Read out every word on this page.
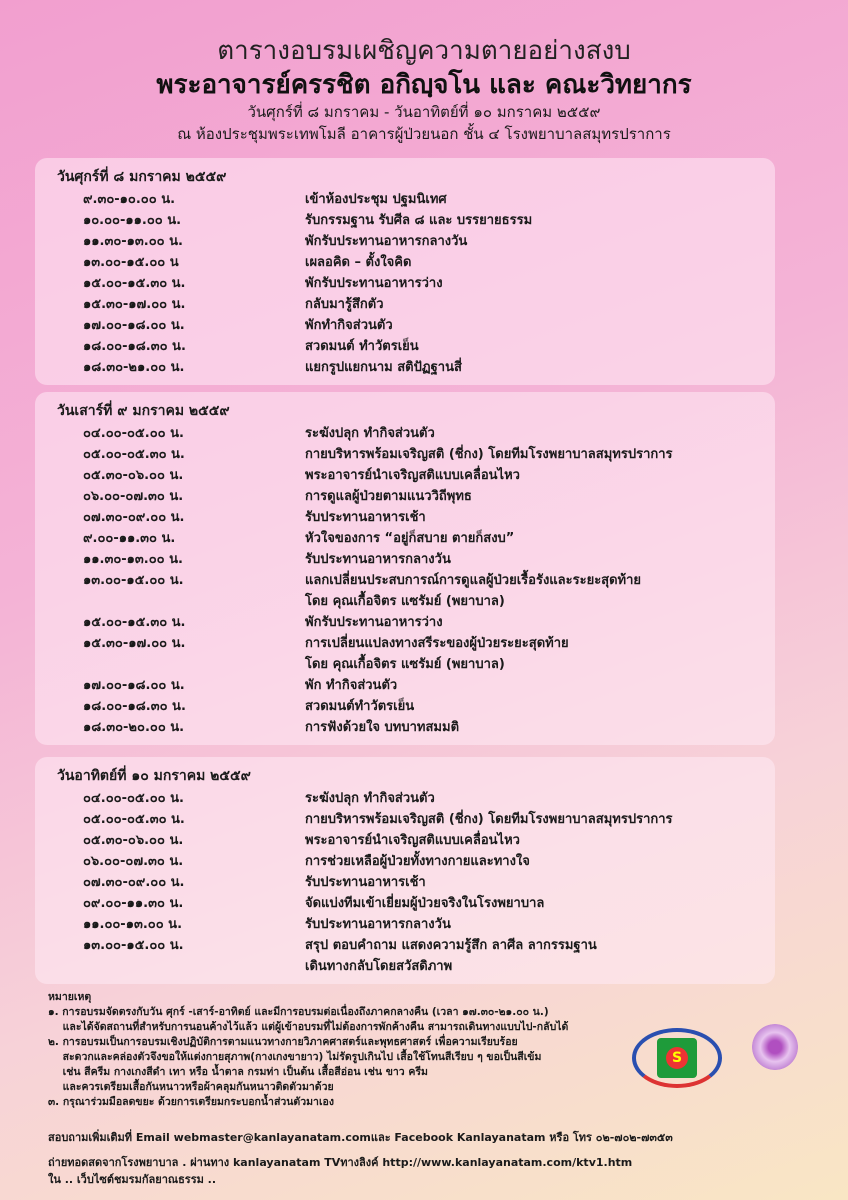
ตารางอบรมเผชิญความตายอย่างสงบ
พระอาจารย์ครรชิต อกิญฺจโน และ คณะวิทยากร
วันศุกร์ที่ ๘ มกราคม - วันอาทิตย์ที่ ๑๐ มกราคม ๒๕๕๙
ณ ห้องประชุมพระเทพโมลี อาคารผู้ป่วยนอก ชั้น ๔ โรงพยาบาลสมุทรปราการ
วันศุกร์ที่ ๘ มกราคม ๒๕๕๙
๙.๓๐-๑๐.๐๐ น.	เข้าห้องประชุม ปฐมนิเทศ
๑๐.๐๐-๑๑.๐๐ น.	รับกรรมฐาน รับศีล ๘ และ บรรยายธรรม
๑๑.๓๐-๑๓.๐๐ น.	พักรับประทานอาหารกลางวัน
๑๓.๐๐-๑๕.๐๐ น	เผลอคิด – ตั้งใจคิด
๑๕.๐๐-๑๕.๓๐ น.	พักรับประทานอาหารว่าง
๑๕.๓๐-๑๗.๐๐ น.	กลับมารู้สึกตัว
๑๗.๐๐-๑๘.๐๐ น.	พักทำกิจส่วนตัว
๑๘.๐๐-๑๘.๓๐ น.	สวดมนต์ ทำวัตรเย็น
๑๘.๓๐-๒๑.๐๐ น.	แยกรูปแยกนาม สติปัฏฐานสี่
วันเสาร์ที่ ๙ มกราคม ๒๕๕๙
๐๔.๐๐-๐๕.๐๐ น.	ระฆังปลุก ทำกิจส่วนตัว
๐๕.๐๐-๐๕.๓๐ น.	กายบริหารพร้อมเจริญสติ (ชี่กง) โดยทีมโรงพยาบาลสมุทรปราการ
๐๕.๓๐-๐๖.๐๐ น.	พระอาจารย์นำเจริญสติแบบเคลื่อนไหว
๐๖.๐๐-๐๗.๓๐ น.	การดูแลผู้ป่วยตามแนววิถีพุทธ
๐๗.๓๐-๐๙.๐๐ น.	รับประทานอาหารเช้า
๙.๐๐-๑๑.๓๐ น.	หัวใจของการ “อยู่ก็สบาย ตายก็สงบ”
๑๑.๓๐-๑๓.๐๐ น.	รับประทานอาหารกลางวัน
๑๓.๐๐-๑๕.๐๐ น.	แลกเปลี่ยนประสบการณ์การดูแลผู้ป่วยเรื้อรังและระยะสุดท้าย
โดย คุณเกื้อจิตร แซรัมย์ (พยาบาล)
๑๕.๐๐-๑๕.๓๐ น.	พักรับประทานอาหารว่าง
๑๕.๓๐-๑๗.๐๐ น.	การเปลี่ยนแปลงทางสรีระของผู้ป่วยระยะสุดท้าย
โดย คุณเกื้อจิตร แซรัมย์ (พยาบาล)
๑๗.๐๐-๑๘.๐๐ น.	พัก ทำกิจส่วนตัว
๑๘.๐๐-๑๘.๓๐ น.	สวดมนต์ทำวัตรเย็น
๑๘.๓๐-๒๐.๐๐ น.	การฟังด้วยใจ บทบาทสมมติ
วันอาทิตย์ที่ ๑๐ มกราคม ๒๕๕๙
๐๔.๐๐-๐๕.๐๐ น.	ระฆังปลุก ทำกิจส่วนตัว
๐๕.๐๐-๐๕.๓๐ น.	กายบริหารพร้อมเจริญสติ (ชี่กง) โดยทีมโรงพยาบาลสมุทรปราการ
๐๕.๓๐-๐๖.๐๐ น.	พระอาจารย์นำเจริญสติแบบเคลื่อนไหว
๐๖.๐๐-๐๗.๓๐ น.	การช่วยเหลือผู้ป่วยทั้งทางกายและทางใจ
๐๗.๓๐-๐๙.๐๐ น.	รับประทานอาหารเช้า
๐๙.๐๐-๑๑.๓๐ น.	จัดแบ่งทีมเข้าเยี่ยมผู้ป่วยจริงในโรงพยาบาล
๑๑.๐๐-๑๓.๐๐ น.	รับประทานอาหารกลางวัน
๑๓.๐๐-๑๕.๐๐ น.	สรุป ตอบคำถาม แสดงความรู้สึก ลาศีล ลากรรมฐาน
เดินทางกลับโดยสวัสดิภาพ
หมายเหตุ
๑. การอบรมจัดตรงกับวัน ศุกร์ -เสาร์-อาทิตย์ และมีการอบรมต่อเนื่องถึงภาคกลางคืน (เวลา ๑๗.๓๐-๒๑.๐๐ น.)
และได้จัดสถานที่สำหรับการนอนค้างไว้แล้ว แต่ผู้เข้าอบรมที่ไม่ต้องการพักค้างคืน สามารถเดินทางแบบไป-กลับได้
๒. การอบรมเป็นการอบรมเชิงปฏิบัติการตามแนวทางกายวิภาคศาสตร์และพุทธศาสตร์ เพื่อความเรียบร้อย
สะดวกและคล่องตัวจึงขอให้แต่งกายสุภาพ(กางเกงขายาว) ไม่รัดรูปเกินไป เสื้อใช้โทนสีเรียบ ๆ ขอเป็นสีเข้ม
เช่น สีครีม กางเกงสีดำ เทา หรือ น้ำตาล กรมท่า เป็นต้น เสื้อสีอ่อน เช่น ขาว ครีม
และควรเตรียมเสื้อกันหนาวหรือผ้าคลุมกันหนาวติดตัวมาด้วย
๓. กรุณาร่วมมือลดขยะ ด้วยการเตรียมกระบอกน้ำส่วนตัวมาเอง
สอบถามเพิ่มเติมที่ Email webmaster@kanlayanatam.comและ Facebook Kanlayanatam หรือ โทร ๐๒-๗๐๒-๗๓๕๓
ถ่ายทอดสดจากโรงพยาบาล . ผ่านทาง kanlayanatam TVทางลิงค์ http://www.kanlayanatam.com/ktv1.htm
ใน .. เว็บไซต์ชมรมกัลยาณธรรม ..
S
